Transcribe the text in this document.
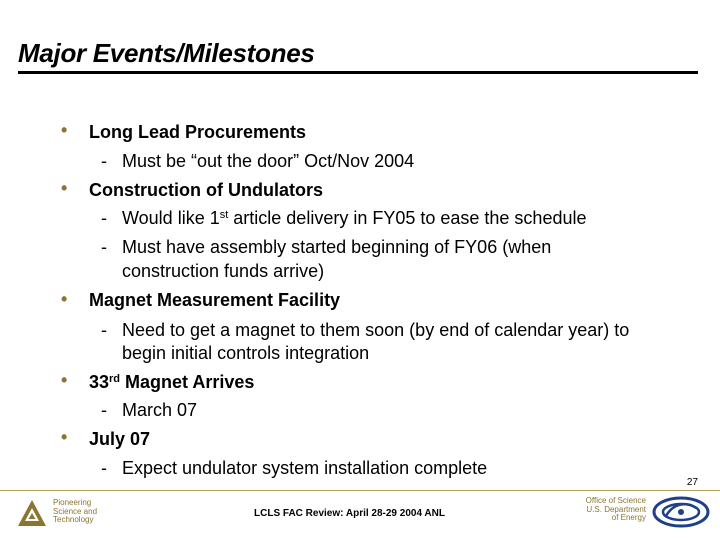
Major Events/Milestones
• Long Lead Procurements
- Must be “out the door” Oct/Nov 2004
• Construction of Undulators
- Would like 1st article delivery in FY05 to ease the schedule
- Must have assembly started beginning of FY06 (when
construction funds arrive)
• Magnet Measurement Facility
- Need to get a magnet to them soon (by end of calendar year) to
begin initial controls integration
• 33rd Magnet Arrives
- March 07
• July 07
- Expect undulator system installation complete
27
Pioneering
Science and
Technology
LCLS FAC Review: April 28-29 2004 ANL
Office of Science
U.S. Department
of Energy
